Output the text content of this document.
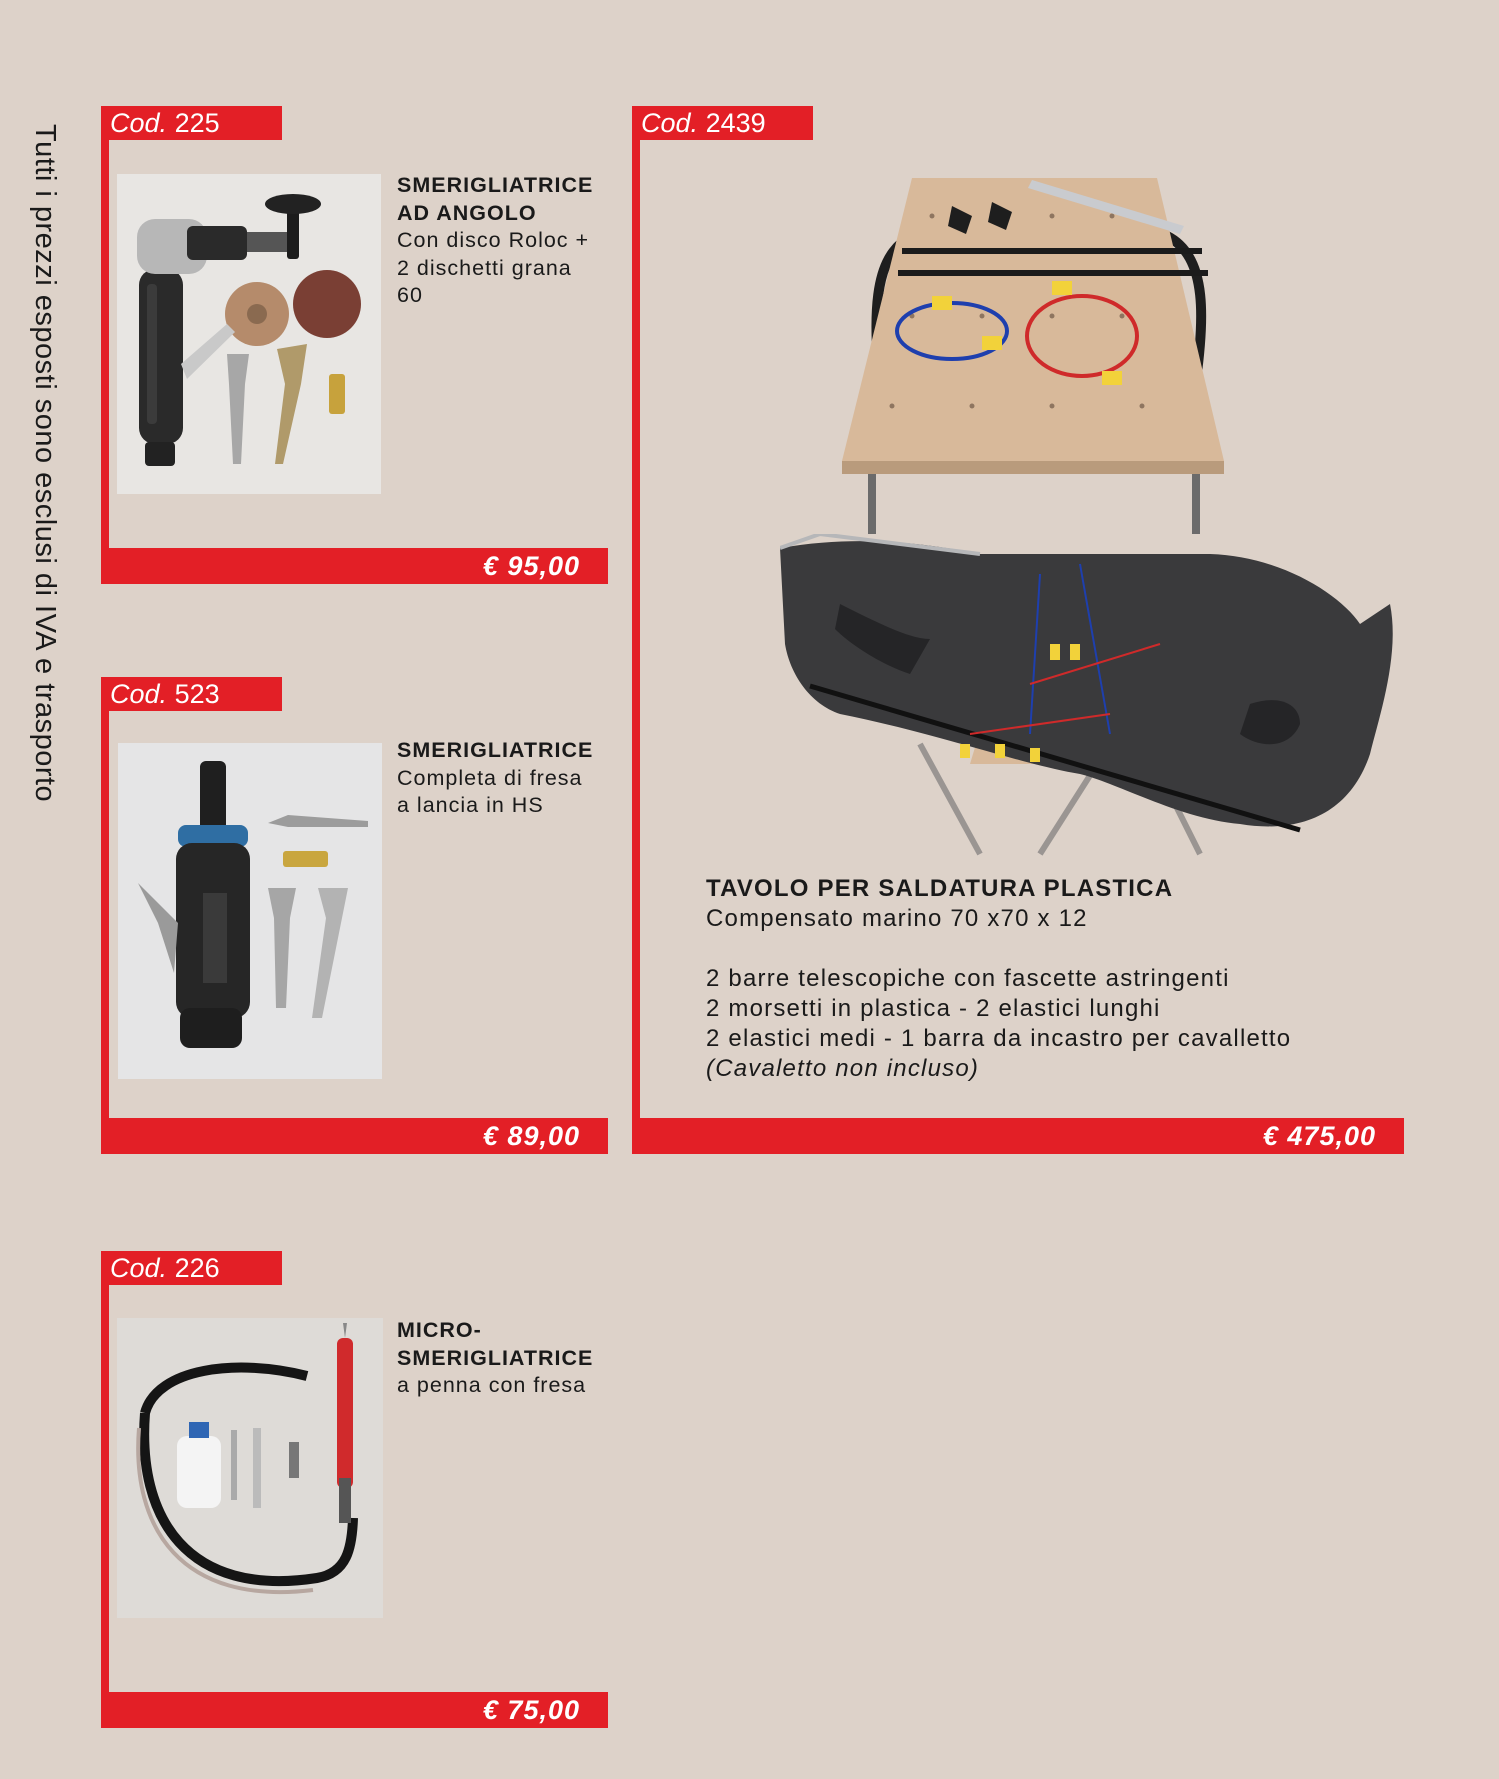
Tutti i prezzi esposti sono esclusi di IVA e trasporto
Cod. 225
SMERIGLIATRICE
AD ANGOLO
Con disco Roloc +
2 dischetti grana
60
€ 95,00
Cod. 523
SMERIGLIATRICE
Completa di fresa
a lancia in HS
€ 89,00
Cod. 226
MICRO-
SMERIGLIATRICE
a penna con fresa
€ 75,00
Cod. 2439
TAVOLO PER SALDATURA PLASTICA
Compensato marino 70 x70 x 12
2 barre telescopiche con fascette astringenti
2 morsetti in plastica - 2 elastici lunghi
2 elastici medi - 1 barra da incastro per cavalletto
(Cavaletto non incluso)
€ 475,00
